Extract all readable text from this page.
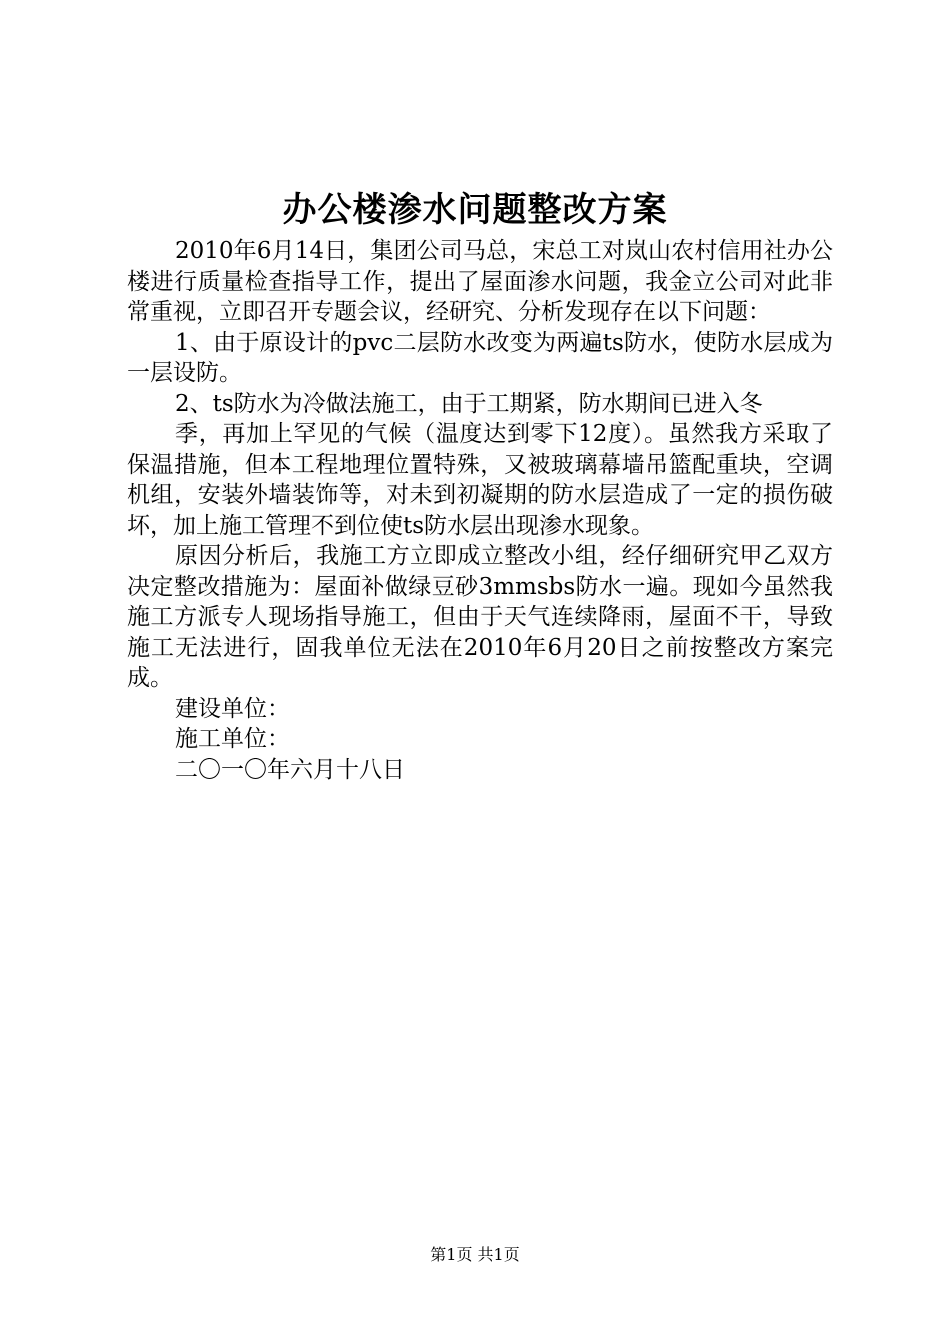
办公楼渗水问题整改方案

2010年6月14日，集团公司马总，宋总工对岚山农村信用社办公楼进行质量检查指导工作，提出了屋面渗水问题，我金立公司对此非常重视，立即召开专题会议，经研究、分析发现存在以下问题：

1、由于原设计的pvc二层防水改变为两遍ts防水，使防水层成为一层设防。

2、ts防水为冷做法施工，由于工期紧，防水期间已进入冬

季，再加上罕见的气候（温度达到零下12度）。虽然我方采取了保温措施，但本工程地理位置特殊，又被玻璃幕墙吊篮配重块，空调机组，安装外墙装饰等，对未到初凝期的防水层造成了一定的损伤破坏，加上施工管理不到位使ts防水层出现渗水现象。

原因分析后，我施工方立即成立整改小组，经仔细研究甲乙双方决定整改措施为：屋面补做绿豆砂3mmsbs防水一遍。现如今虽然我施工方派专人现场指导施工，但由于天气连续降雨，屋面不干，导致施工无法进行，固我单位无法在2010年6月20日之前按整改方案完成。

建设单位：

施工单位：

二〇一〇年六月十八日

第1页 共1页
